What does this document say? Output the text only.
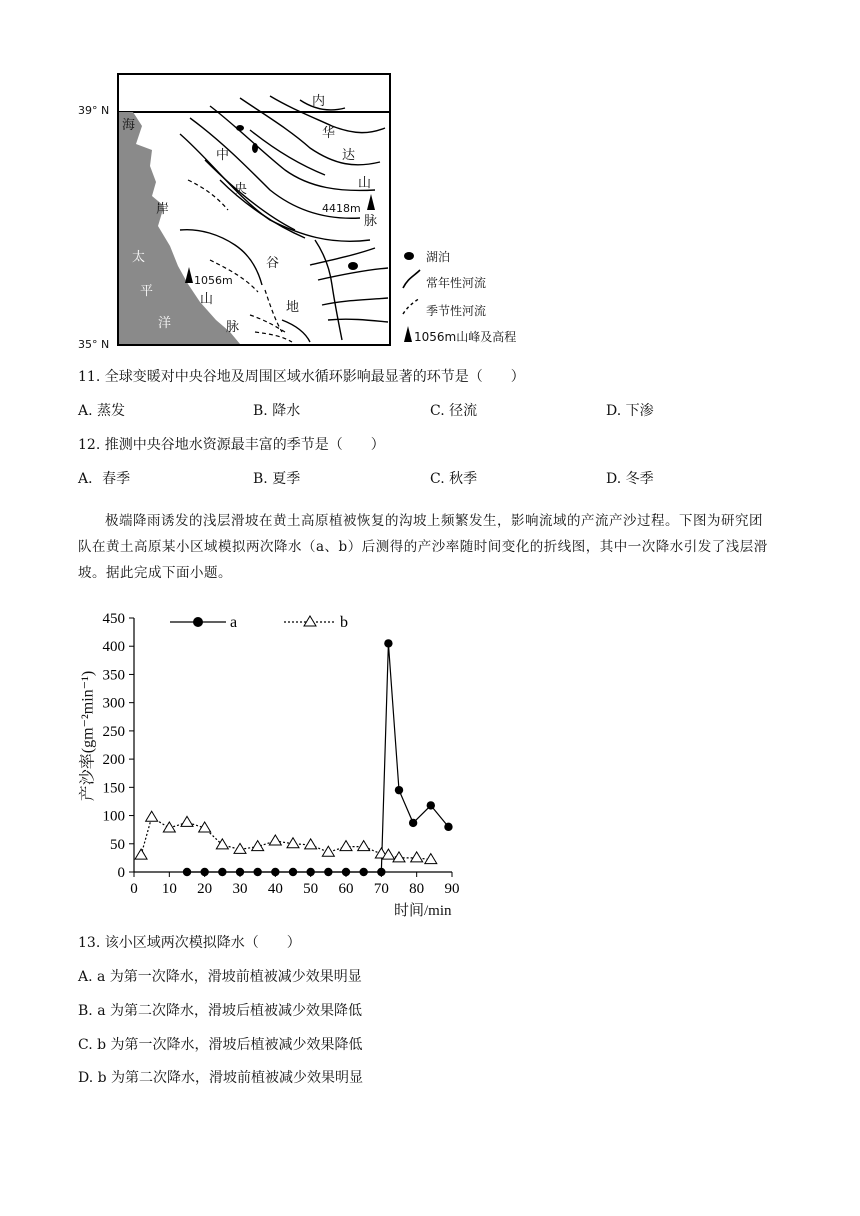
39° N
35° N
海
岸
太
平
洋
内
华
达
山
脉
中
央
谷
地
山
脉
4418m
1056m
湖泊
常年性河流
季节性河流
1056m山峰及高程
11. 全球变暖对中央谷地及周围区域水循环影响最显著的环节是（　　）
A. 蒸发	B. 降水	C. 径流	D. 下渗
12. 推测中央谷地水资源最丰富的季节是（　　）
A．春季	B. 夏季	C. 秋季	D. 冬季
极端降雨诱发的浅层滑坡在黄土高原植被恢复的沟坡上频繁发生，影响流域的产流产沙过程。下图为研究团队在黄土高原某小区域模拟两次降水（a、b）后测得的产沙率随时间变化的折线图，其中一次降水引发了浅层滑坡。据此完成下面小题。
0
50
100
150
200
250
300
350
400
450
0 10 20 30 40 50 60 70 80 90
a	b
产沙率(gm⁻²min⁻¹)
时间/min
13. 该小区域两次模拟降水（　　）
A. a 为第一次降水，滑坡前植被减少效果明显
B. a 为第二次降水，滑坡后植被减少效果降低
C. b 为第一次降水，滑坡后植被减少效果降低
D. b 为第二次降水，滑坡前植被减少效果明显
